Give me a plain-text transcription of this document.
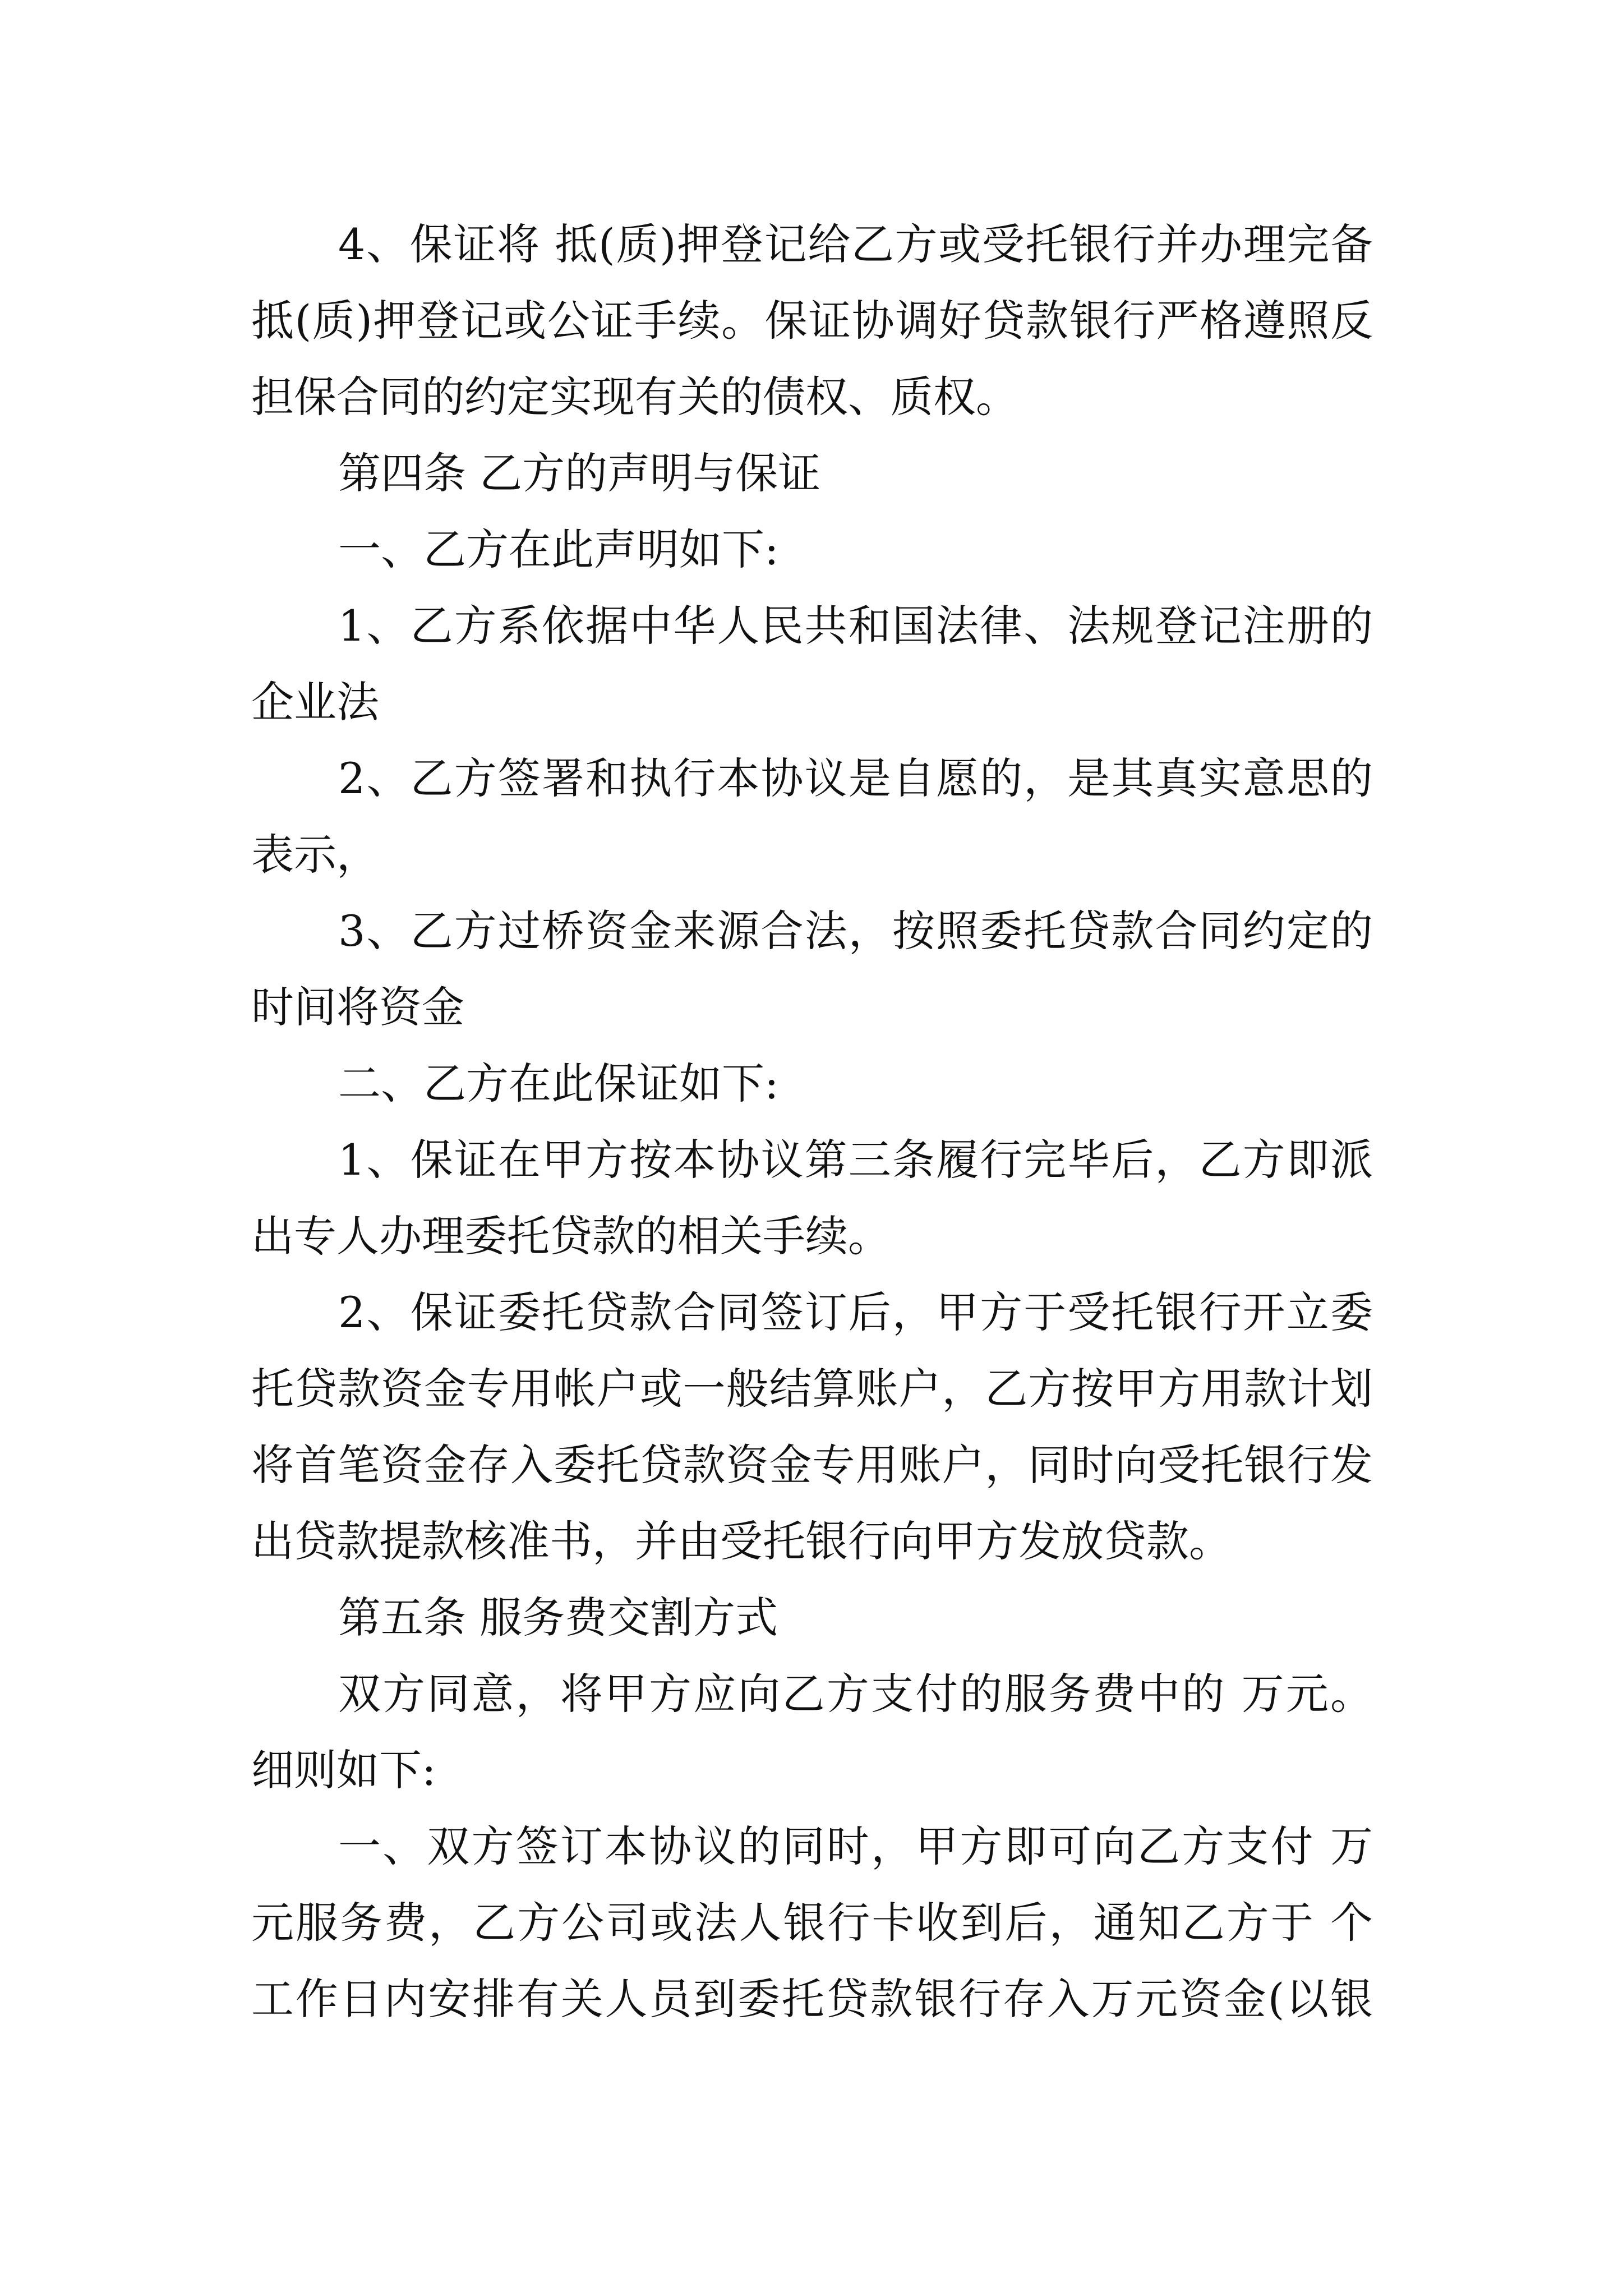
4、保证将 抵(质)押登记给乙方或受托银行并办理完备
抵(质)押登记或公证手续。保证协调好贷款银行严格遵照反
担保合同的约定实现有关的债权、质权。
第四条 乙方的声明与保证
一、乙方在此声明如下:
1、乙方系依据中华人民共和国法律、法规登记注册的
企业法
2、乙方签署和执行本协议是自愿的，是其真实意思的
表示，
3、乙方过桥资金来源合法，按照委托贷款合同约定的
时间将资金
二、乙方在此保证如下:
1、保证在甲方按本协议第三条履行完毕后，乙方即派
出专人办理委托贷款的相关手续。
2、保证委托贷款合同签订后，甲方于受托银行开立委
托贷款资金专用帐户或一般结算账户，乙方按甲方用款计划
将首笔资金存入委托贷款资金专用账户，同时向受托银行发
出贷款提款核准书，并由受托银行向甲方发放贷款。
第五条 服务费交割方式
双方同意，将甲方应向乙方支付的服务费中的 万元。
细则如下:
一、双方签订本协议的同时，甲方即可向乙方支付 万
元服务费，乙方公司或法人银行卡收到后，通知乙方于 个
工作日内安排有关人员到委托贷款银行存入万元资金(以银
